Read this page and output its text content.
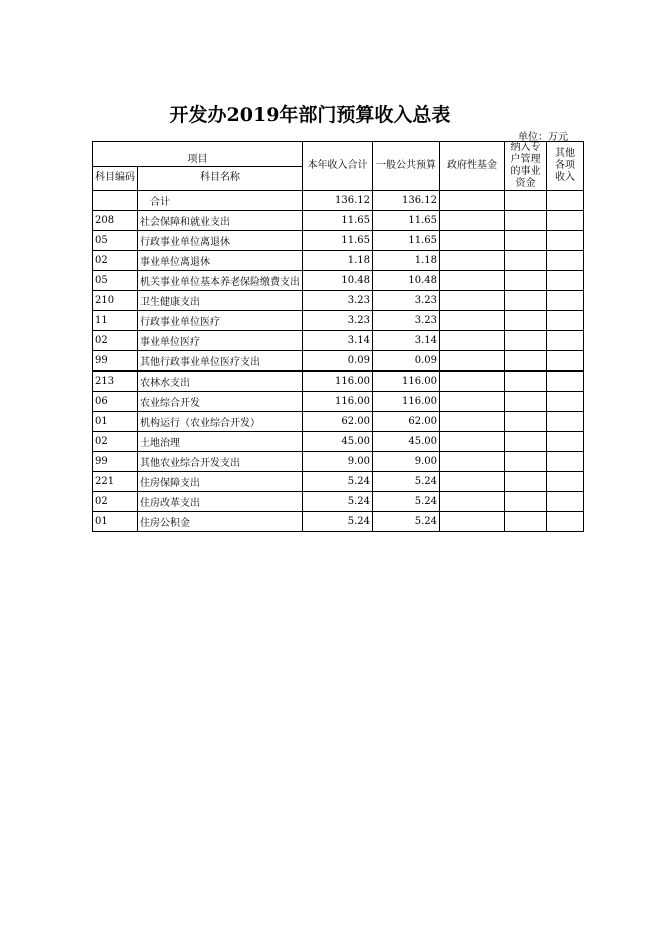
开发办2019年部门预算收入总表
单位：万元
项目		本年收入合计	一般公共预算	政府性基金	纳入专户管理的事业资金	其他各项收入
科目编码	科目名称					
	合计	136.12	136.12			
208	社会保障和就业支出	11.65	11.65			
05	行政事业单位离退休	11.65	11.65			
02	事业单位离退休	1.18	1.18			
05	机关事业单位基本养老保险缴费支出	10.48	10.48			
210	卫生健康支出	3.23	3.23			
11	行政事业单位医疗	3.23	3.23			
02	事业单位医疗	3.14	3.14			
99	其他行政事业单位医疗支出	0.09	0.09			
213	农林水支出	116.00	116.00			
06	农业综合开发	116.00	116.00			
01	机构运行（农业综合开发）	62.00	62.00			
02	土地治理	45.00	45.00			
99	其他农业综合开发支出	9.00	9.00			
221	住房保障支出	5.24	5.24			
02	住房改革支出	5.24	5.24			
01	住房公积金	5.24	5.24			
